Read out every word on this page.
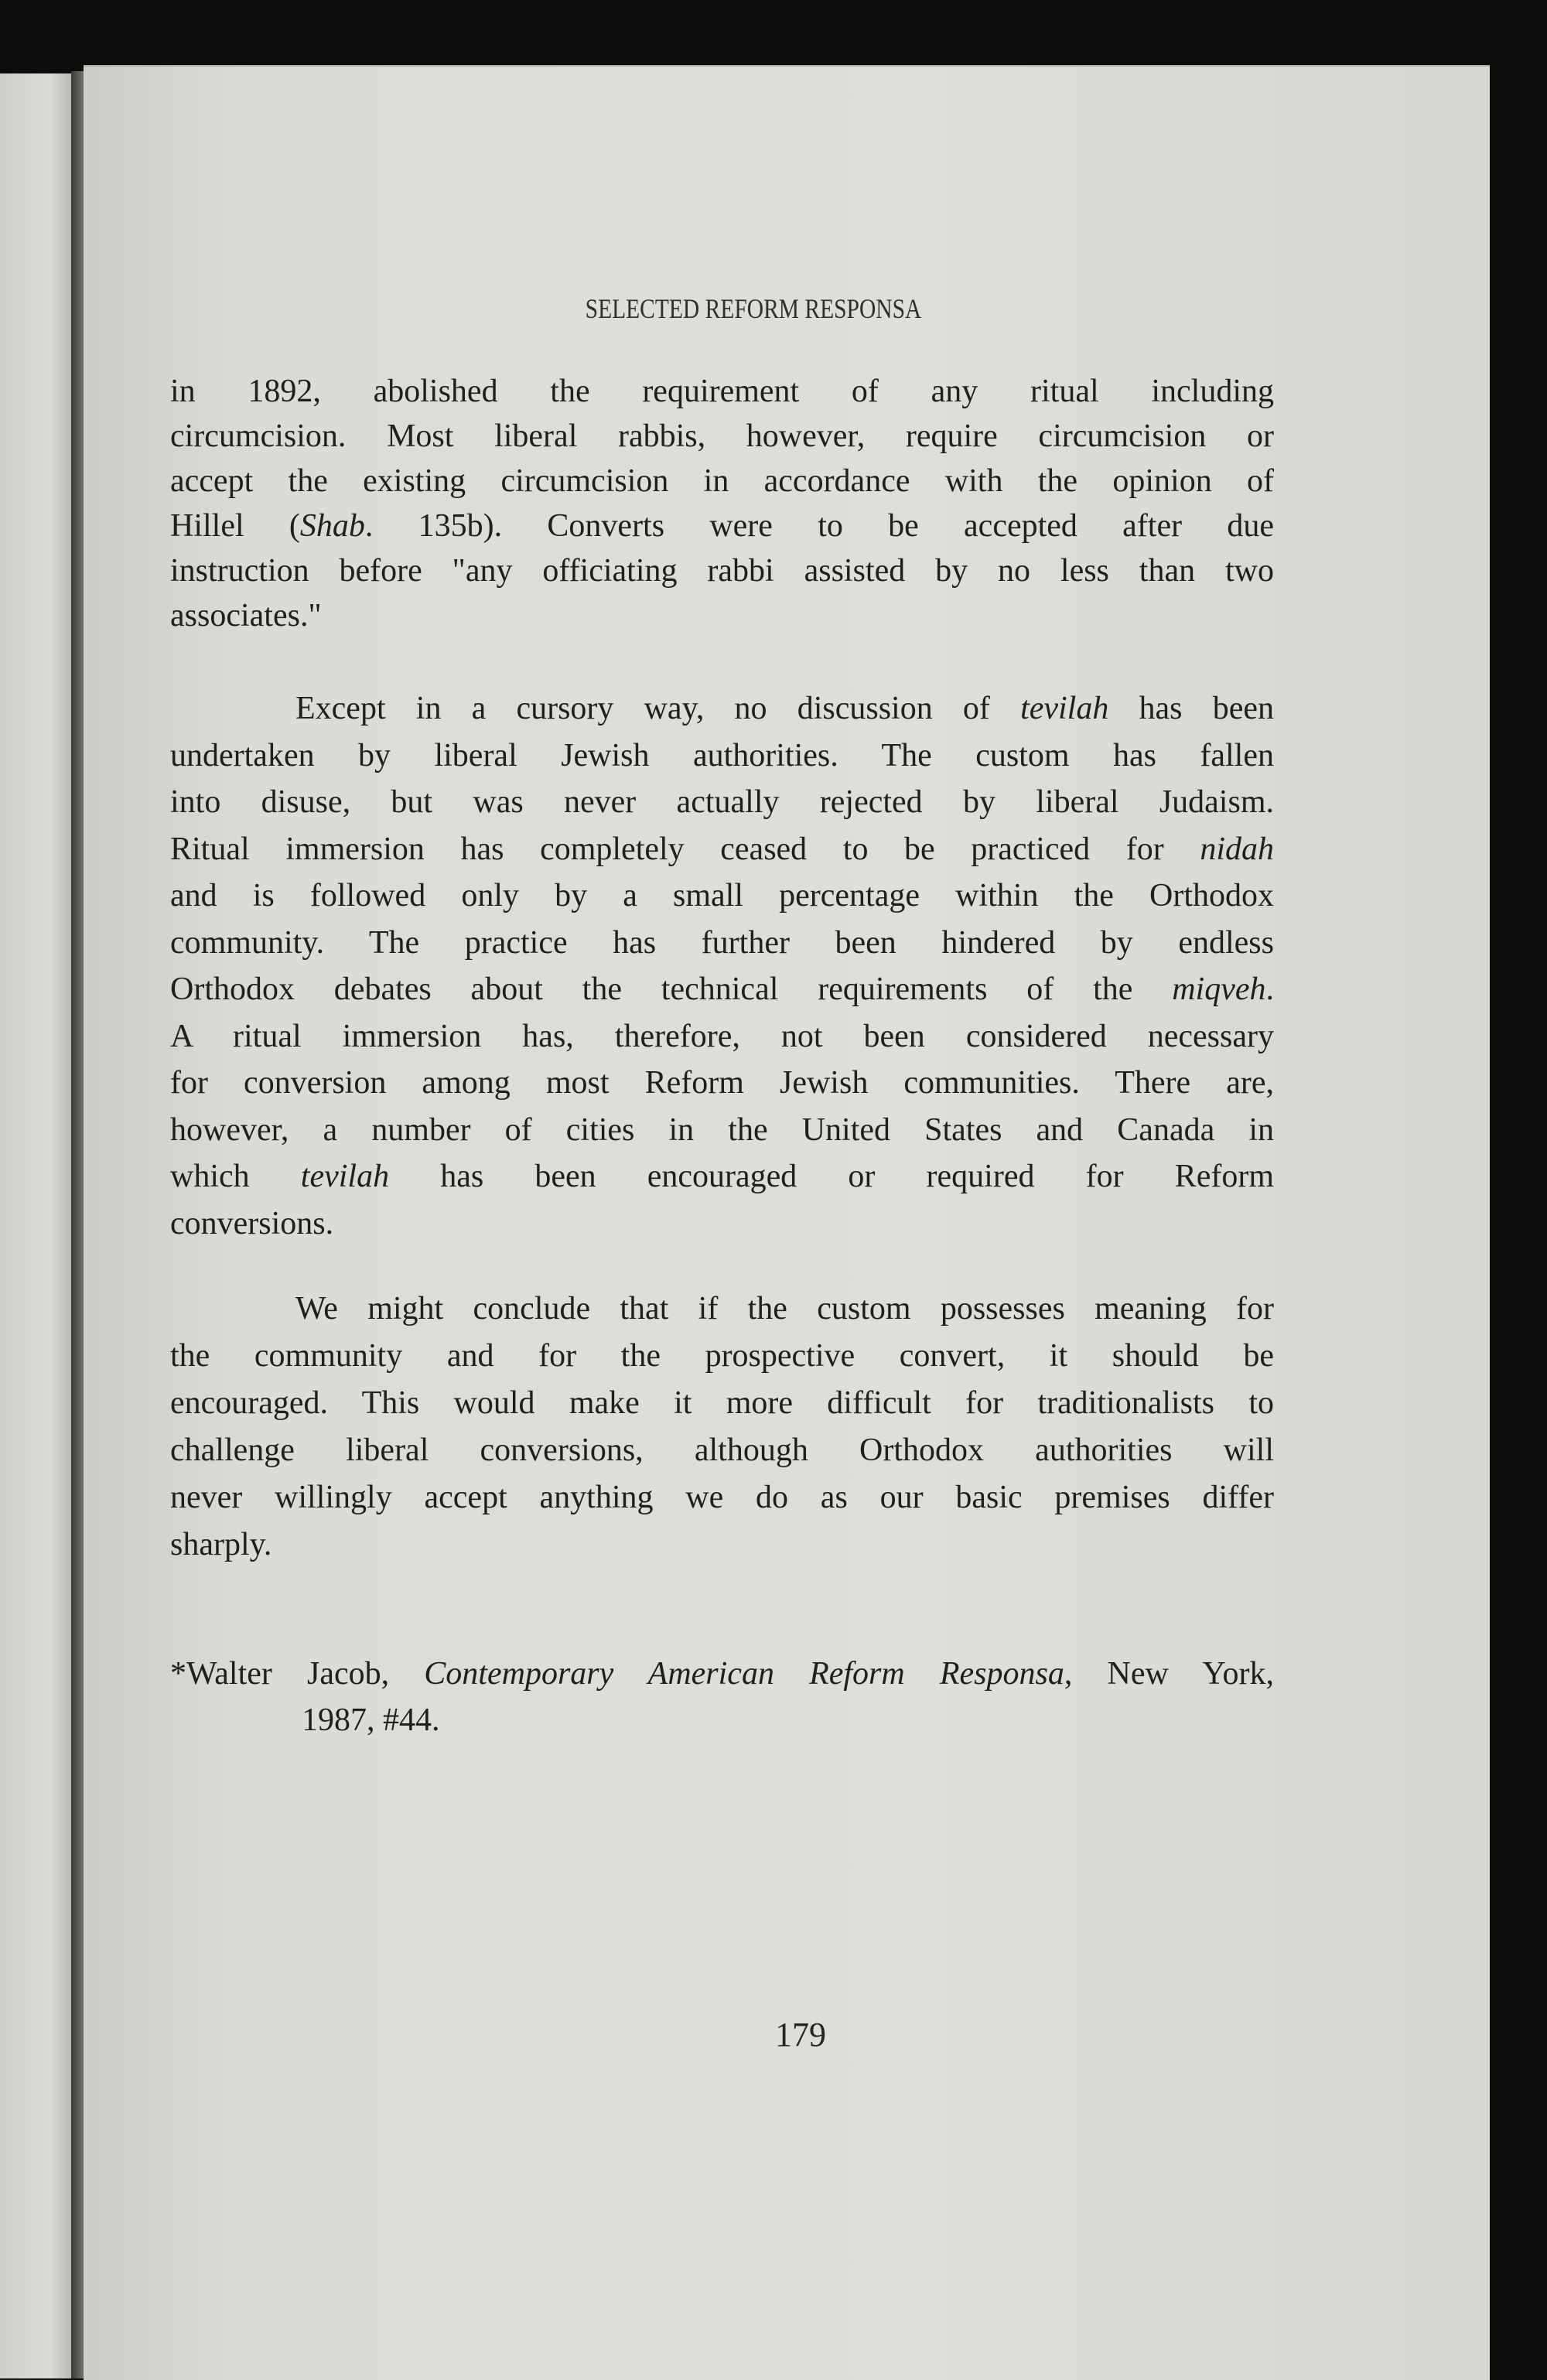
SELECTED REFORM RESPONSA
in 1892, abolished the requirement of any ritual including
circumcision. Most liberal rabbis, however, require circumcision or
accept the existing circumcision in accordance with the opinion of
Hillel (Shab. 135b). Converts were to be accepted after due
instruction before "any officiating rabbi assisted by no less than two
associates."
Except in a cursory way, no discussion of tevilah has been
undertaken by liberal Jewish authorities. The custom has fallen
into disuse, but was never actually rejected by liberal Judaism.
Ritual immersion has completely ceased to be practiced for nidah
and is followed only by a small percentage within the Orthodox
community. The practice has further been hindered by endless
Orthodox debates about the technical requirements of the miqveh.
A ritual immersion has, therefore, not been considered necessary
for conversion among most Reform Jewish communities. There are,
however, a number of cities in the United States and Canada in
which tevilah has been encouraged or required for Reform
conversions.
We might conclude that if the custom possesses meaning for
the community and for the prospective convert, it should be
encouraged. This would make it more difficult for traditionalists to
challenge liberal conversions, although Orthodox authorities will
never willingly accept anything we do as our basic premises differ
sharply.
*Walter Jacob, Contemporary American Reform Responsa, New York,
1987, #44.
179
